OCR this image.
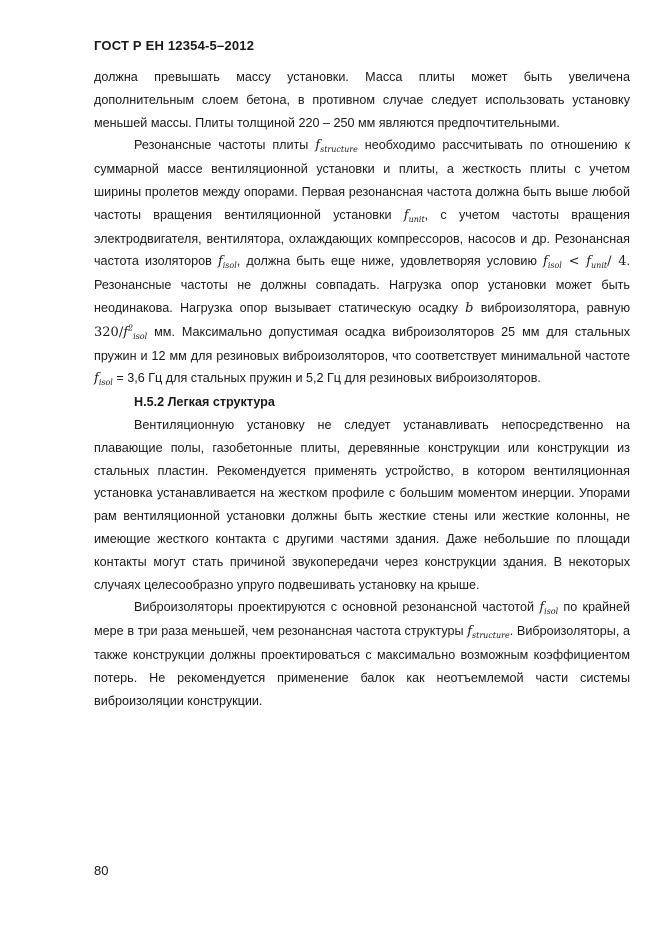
ГОСТ Р ЕН 12354-5–2012

должна превышать массу установки. Масса плиты может быть увеличена дополнительным слоем бетона, в противном случае следует использовать установку меньшей массы. Плиты толщиной 220 – 250 мм являются предпочтительными.

Резонансные частоты плиты $f_{structure}$ необходимо рассчитывать по отношению к суммарной массе вентиляционной установки и плиты, а жесткость плиты с учетом ширины пролетов между опорами. Первая резонансная частота должна быть выше любой частоты вращения вентиляционной установки $f_{unit}$, с учетом частоты вращения электродвигателя, вентилятора, охлаждающих компрессоров, насосов и др. Резонансная частота изоляторов $f_{isol}$, должна быть еще ниже, удовлетворяя условию $f_{isol} < f_{unit}/$ 4. Резонансные частоты не должны совпадать. Нагрузка опор установки может быть неодинакова. Нагрузка опор вызывает статическую осадку b виброизолятора, равную $320/f^2_{isol}$ мм. Максимально допустимая осадка виброизоляторов 25 мм для стальных пружин и 12 мм для резиновых виброизоляторов, что соответствует минимальной частоте $f_{isol} = 3,6$ Гц для стальных пружин и 5,2 Гц для резиновых виброизоляторов.

Н.5.2 Легкая структура

Вентиляционную установку не следует устанавливать непосредственно на плавающие полы, газобетонные плиты, деревянные конструкции или конструкции из стальных пластин. Рекомендуется применять устройство, в котором вентиляционная установка устанавливается на жестком профиле с большим моментом инерции. Упорами рам вентиляционной установки должны быть жесткие стены или жесткие колонны, не имеющие жесткого контакта с другими частями здания. Даже небольшие по площади контакты могут стать причиной звукопередачи через конструкции здания. В некоторых случаях целесообразно упруго подвешивать установку на крыше.

Виброизоляторы проектируются с основной резонансной частотой $f_{isol}$ по крайней мере в три раза меньшей, чем резонансная частота структуры $f_{structure}$. Виброизоляторы, а также конструкции должны проектироваться с максимально возможным коэффициентом потерь. Не рекомендуется применение балок как неотъемлемой части системы виброизоляции конструкции.

80
